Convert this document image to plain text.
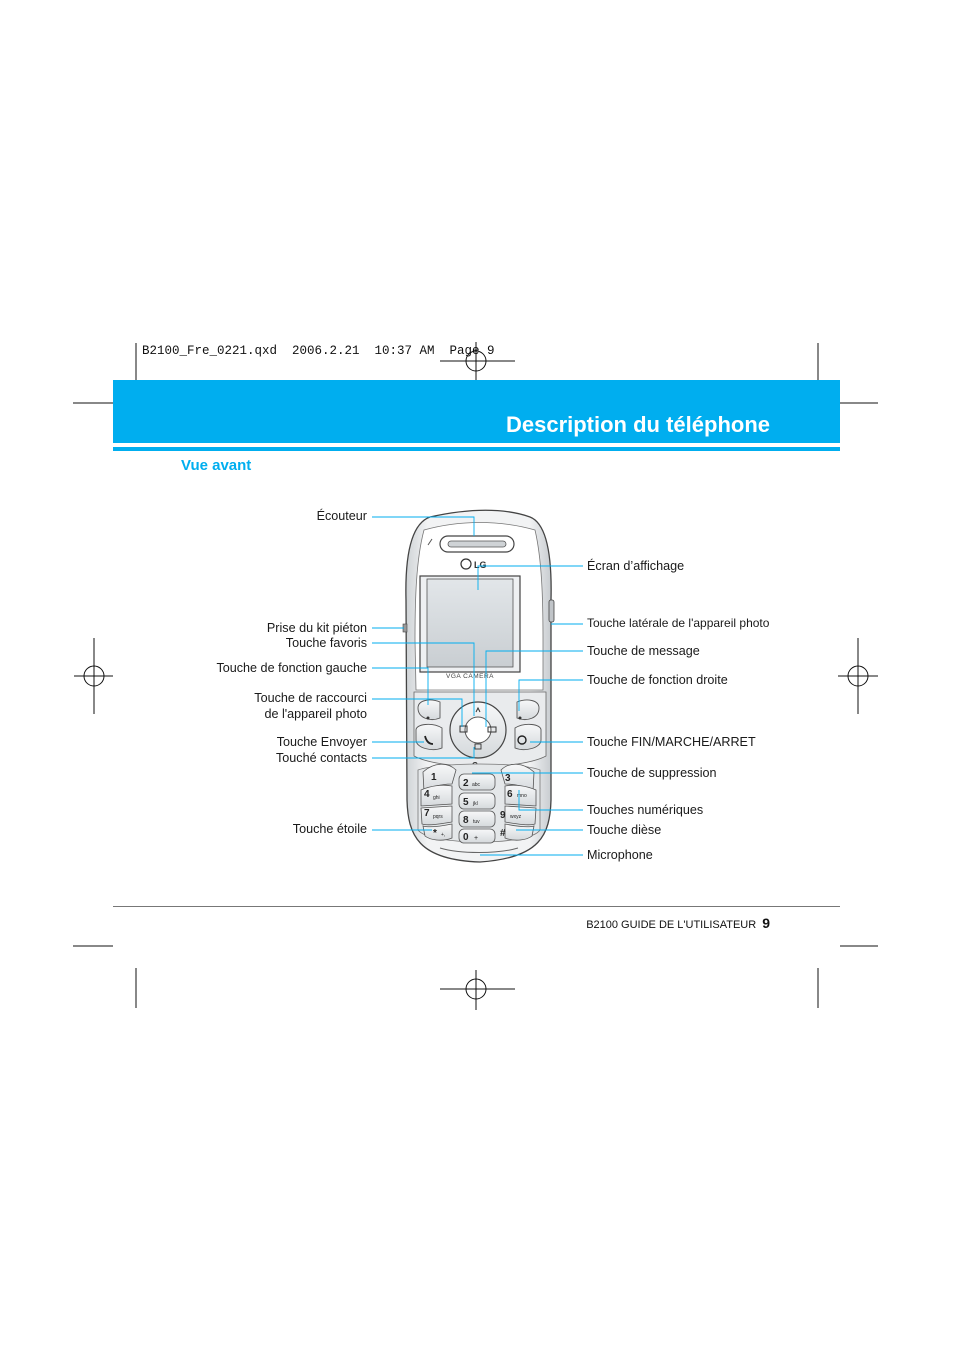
B2100_Fre_0221.qxd  2006.2.21  10:37 AM  Page 9
Description du téléphone
Vue avant
LG
VGA CAMERA
1
2 abc
3
4 ghi 5 jkl
6 mno
7 pqrs 8 tuv
9 wxyz
* +, 0 + #
Écouteur
Prise du kit piéton
Touche favoris
Touche de fonction gauche
Touche de raccourci
de l'appareil photo
Touche Envoyer
Touché contacts
Touche étoile
Écran d’affichage
Touche latérale de l'appareil photo
Touche de message
Touche de fonction droite
Touche FIN/MARCHE/ARRET
Touche de suppression
Touches numériques
Touche dièse
Microphone
B2100 GUIDE DE L'UTILISATEUR 9
